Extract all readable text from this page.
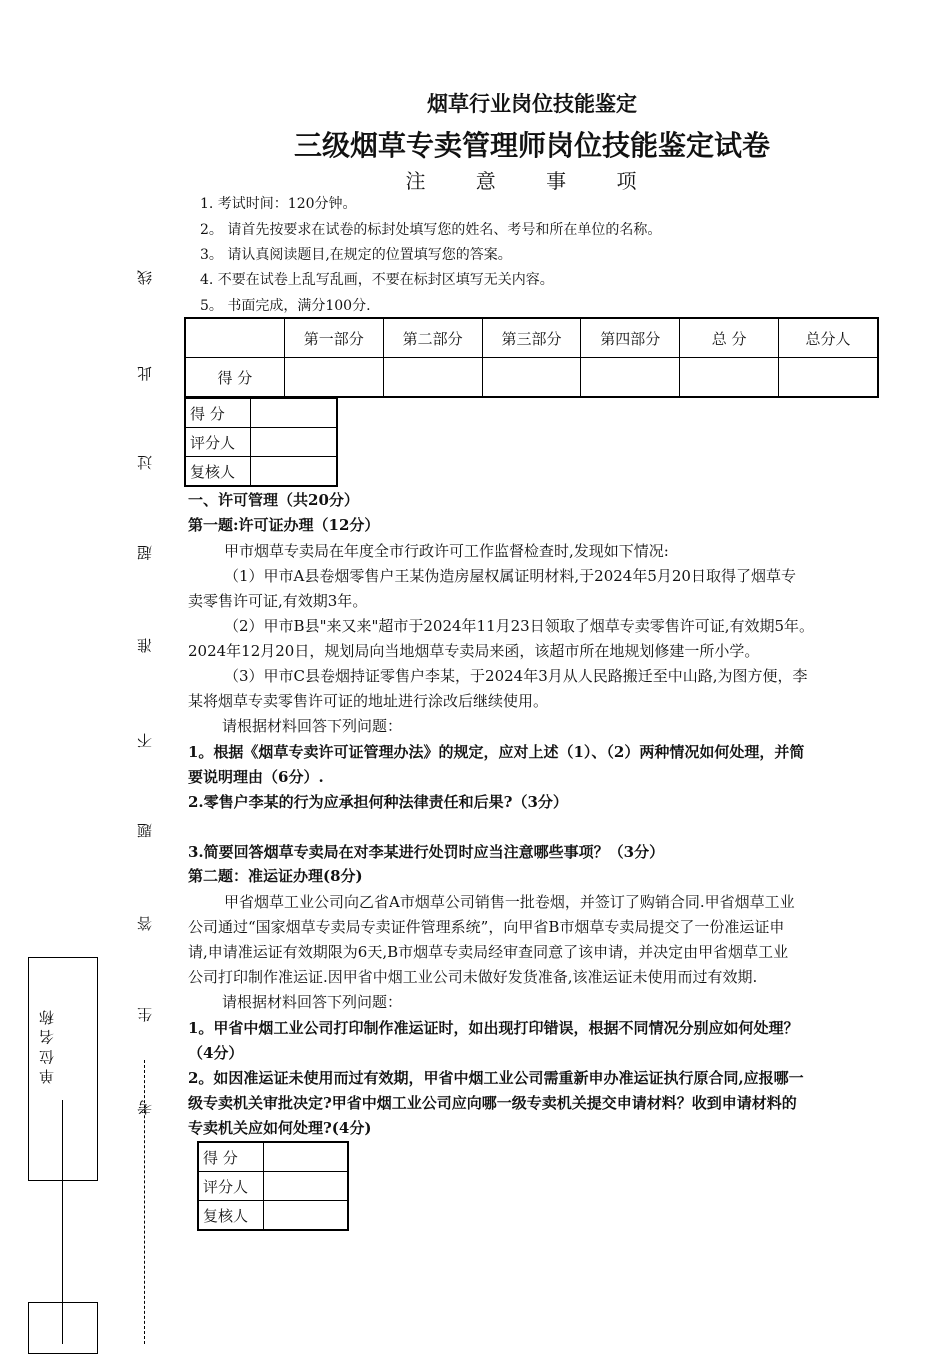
烟草行业岗位技能鉴定
三级烟草专卖管理师岗位技能鉴定试卷
注 意 事 项
1. 考试时间：120分钟。
2。 请首先按要求在试卷的标封处填写您的姓名、考号和所在单位的名称。
3。 请认真阅读题目,在规定的位置填写您的答案。
4. 不要在试卷上乱写乱画，不要在标封区填写无关内容。
5。 书面完成，满分100分.
	第一部分	第二部分	第三部分	第四部分	总 分	总分人
得 分						
得 分	
评分人	
复核人	
线
此
过
超
准
不
题
答
生
考
单 位 名 称
一、许可管理（共20分）
第一题:许可证办理（12分）
甲市烟草专卖局在年度全市行政许可工作监督检查时,发现如下情况:
（1）甲市A县卷烟零售户王某伪造房屋权属证明材料,于2024年5月20日取得了烟草专
卖零售许可证,有效期3年。
（2）甲市B县"来又来"超市于2024年11月23日领取了烟草专卖零售许可证,有效期5年。
2024年12月20日，规划局向当地烟草专卖局来函，该超市所在地规划修建一所小学。
（3）甲市C县卷烟持证零售户李某，于2024年3月从人民路搬迁至中山路,为图方便，李
某将烟草专卖零售许可证的地址进行涂改后继续使用。
请根据材料回答下列问题：
1。根据《烟草专卖许可证管理办法》的规定，应对上述（1）、（2）两种情况如何处理，并简
要说明理由（6分）.
2.零售户李某的行为应承担何种法律责任和后果?（3分）
3.简要回答烟草专卖局在对李某进行处罚时应当注意哪些事项？（3分）
第二题：准运证办理(8分)
甲省烟草工业公司向乙省A市烟草公司销售一批卷烟，并签订了购销合同.甲省烟草工业
公司通过“国家烟草专卖局专卖证件管理系统”，向甲省B市烟草专卖局提交了一份准运证申
请,申请准运证有效期限为6天,B市烟草专卖局经审查同意了该申请，并决定由甲省烟草工业
公司打印制作准运证.因甲省中烟工业公司未做好发货准备,该准运证未使用而过有效期.
请根据材料回答下列问题：
1。甲省中烟工业公司打印制作准运证时，如出现打印错误，根据不同情况分别应如何处理？
（4分）
2。如因准运证未使用而过有效期，甲省中烟工业公司需重新申办准运证执行原合同,应报哪一
级专卖机关审批决定?甲省中烟工业公司应向哪一级专卖机关提交申请材料？收到申请材料的
专卖机关应如何处理?(4分)
得 分	
评分人	
复核人	
